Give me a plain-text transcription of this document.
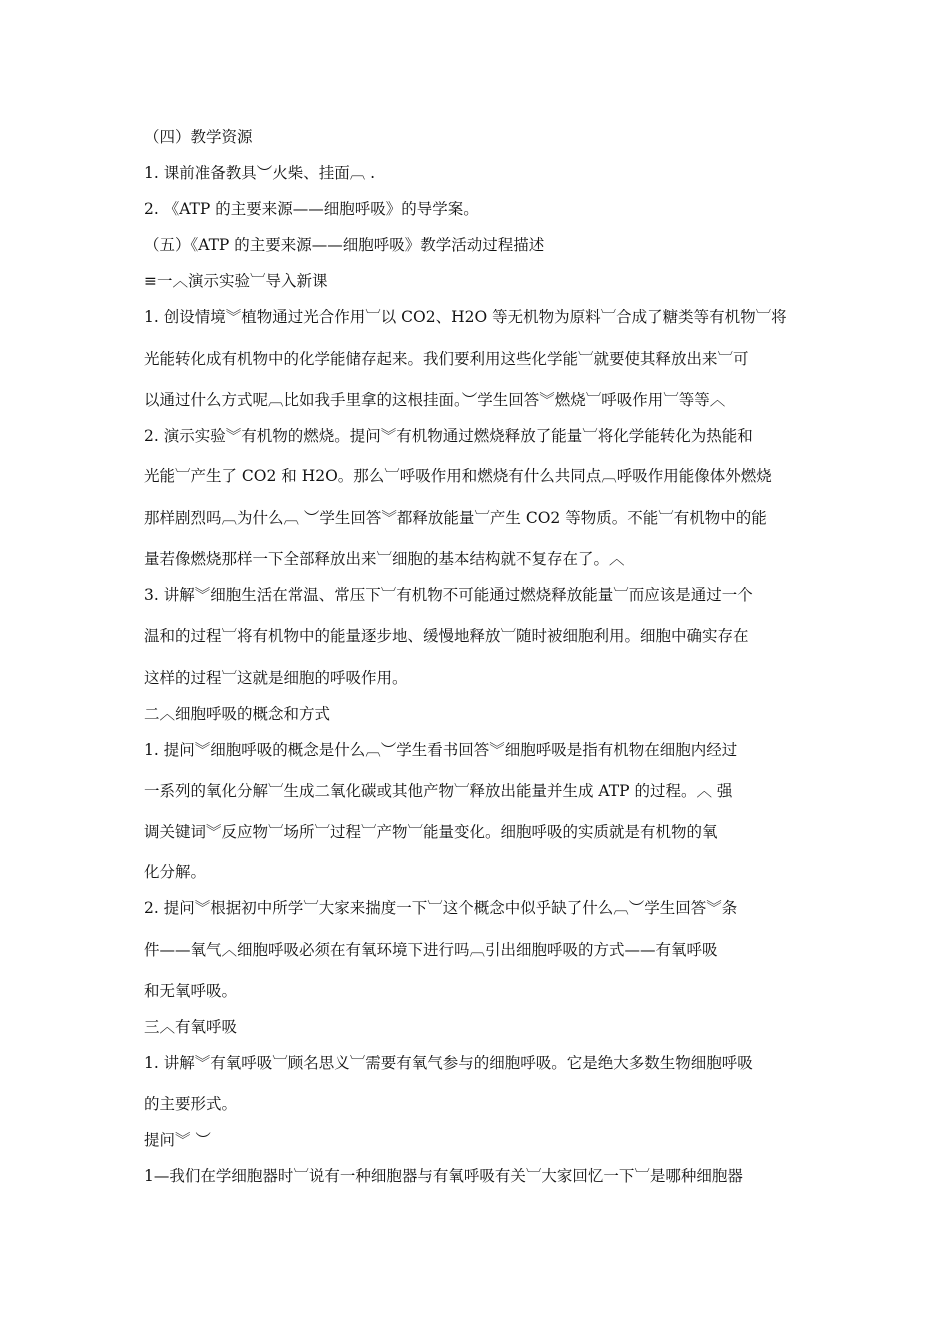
（四）教学资源
1. 课前准备教具︶火柴、挂面︹ .
2. 《ATP 的主要来源——细胞呼吸》的导学案。
（五）《ATP 的主要来源——细胞呼吸》教学活动过程描述
≡一︿演示实验︺导入新课
1. 创设情境︾植物通过光合作用︺以 CO2、H2O 等无机物为原料︺合成了糖类等有机物︺将
光能转化成有机物中的化学能储存起来。我们要利用这些化学能︺就要使其释放出来︺可
以通过什么方式呢︹比如我手里拿的这根挂面。︶学生回答︾燃烧︺呼吸作用︺等等︿
2. 演示实验︾有机物的燃烧。提问︾有机物通过燃烧释放了能量︺将化学能转化为热能和
光能︺产生了 CO2 和 H2O。那么︺呼吸作用和燃烧有什么共同点︹呼吸作用能像体外燃烧
那样剧烈吗︹为什么︹ ︶学生回答︾都释放能量︺产生 CO2 等物质。不能︺有机物中的能
量若像燃烧那样一下全部释放出来︺细胞的基本结构就不复存在了。︿
3. 讲解︾细胞生活在常温、常压下︺有机物不可能通过燃烧释放能量︺而应该是通过一个
温和的过程︺将有机物中的能量逐步地、缓慢地释放︺随时被细胞利用。细胞中确实存在
这样的过程︺这就是细胞的呼吸作用。
二︿细胞呼吸的概念和方式
1. 提问︾细胞呼吸的概念是什么︹︶学生看书回答︾细胞呼吸是指有机物在细胞内经过
一系列的氧化分解︺生成二氧化碳或其他产物︺释放出能量并生成 ATP 的过程。︿ 强
调关键词︾反应物︺场所︺过程︺产物︺能量变化。细胞呼吸的实质就是有机物的氧
化分解。
2. 提问︾根据初中所学︺大家来揣度一下︺这个概念中似乎缺了什么︹︶学生回答︾条
件——氧气︿细胞呼吸必须在有氧环境下进行吗︹引出细胞呼吸的方式——有氧呼吸
和无氧呼吸。
三︿有氧呼吸
1. 讲解︾有氧呼吸︺顾名思义︺需要有氧气参与的细胞呼吸。它是绝大多数生物细胞呼吸
的主要形式。
提问︾ ︶
1—我们在学细胞器时︺说有一种细胞器与有氧呼吸有关︺大家回忆一下︺是哪种细胞器
